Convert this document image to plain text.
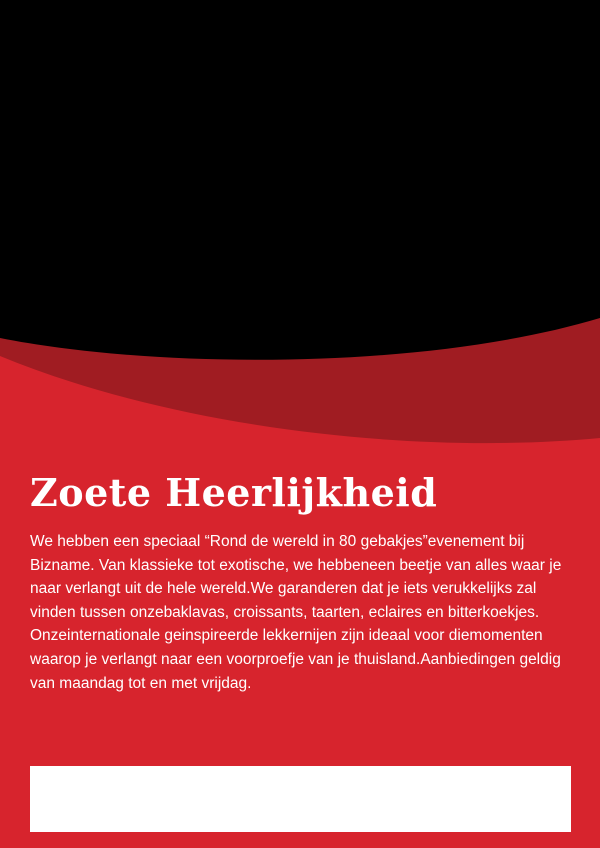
Zoete Heerlijkheid

We hebben een speciaal “Rond de wereld in 80 gebakjes”evenement bij Bizname. Van klassieke tot exotische, we hebbeneen beetje van alles waar je naar verlangt uit de hele wereld.We garanderen dat je iets verukkelijks zal vinden tussen onzebaklavas, croissants, taarten, eclaires en bitterkoekjes. Onzeinternationale geinspireerde lekkernijen zijn ideaal voor diemomenten waarop je verlangt naar een voorproefje van je thuisland.Aanbiedingen geldig van maandag tot en met vrijdag.
